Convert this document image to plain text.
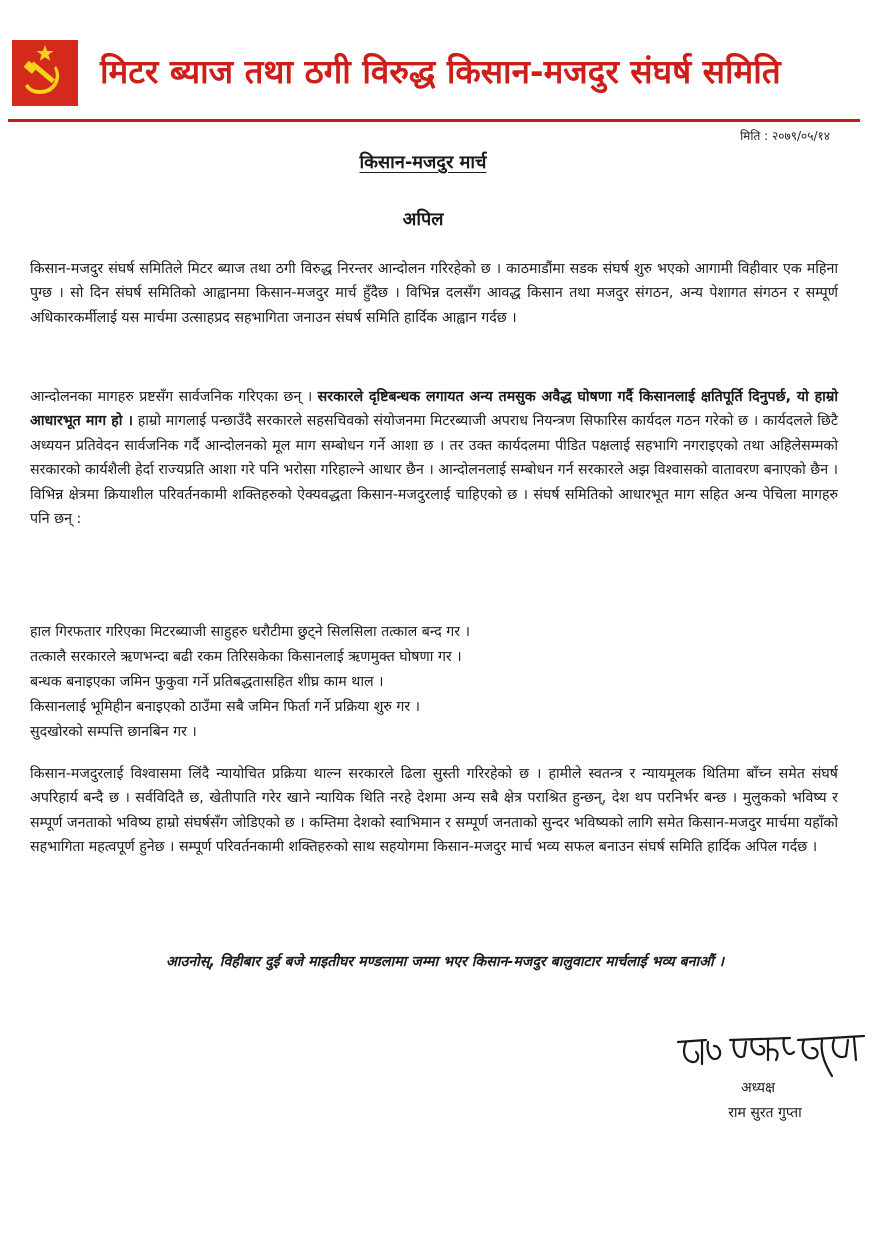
मिटर ब्याज तथा ठगी विरुद्ध किसान-मजदुर संघर्ष समिति
मिति : २०७९/०५/१४
किसान-मजदुर मार्च
अपिल

किसान-मजदुर संघर्ष समितिले मिटर ब्याज तथा ठगी विरुद्ध निरन्तर आन्दोलन गरिरहेको छ । काठमाडौंमा सडक संघर्ष शुरु भएको आगामी विहीवार एक महिना पुग्छ । सो दिन संघर्ष समितिको आह्वानमा किसान-मजदुर मार्च हुँदैछ । विभिन्न दलसँग आवद्ध किसान तथा मजदुर संगठन, अन्य पेशागत संगठन र सम्पूर्ण अधिकारकर्मीलाई यस मार्चमा उत्साहप्रद सहभागिता जनाउन संघर्ष समिति हार्दिक आह्वान गर्दछ ।

आन्दोलनका मागहरु प्रष्टसँग सार्वजनिक गरिएका छन् । सरकारले दृष्टिबन्धक लगायत अन्य तमसुक अवैद्ध घोषणा गर्दै किसानलाई क्षतिपूर्ति दिनुपर्छ, यो हाम्रो आधारभूत माग हो । हाम्रो मागलाई पन्छाउँदै सरकारले सहसचिवको संयोजनमा मिटरब्याजी अपराध नियन्त्रण सिफारिस कार्यदल गठन गरेको छ । कार्यदलले छिटै अध्ययन प्रतिवेदन सार्वजनिक गर्दै आन्दोलनको मूल माग सम्बोधन गर्ने आशा छ । तर उक्त कार्यदलमा पीडित पक्षलाई सहभागि नगराइएको तथा अहिलेसम्मको सरकारको कार्यशैली हेर्दा राज्यप्रति आशा गरे पनि भरोसा गरिहाल्ने आधार छैन । आन्दोलनलाई सम्बोधन गर्न सरकारले अझ विश्वासको वातावरण बनाएको छैन । विभिन्न क्षेत्रमा क्रियाशील परिवर्तनकामी शक्तिहरुको ऐक्यवद्धता किसान-मजदुरलाई चाहिएको छ । संघर्ष समितिको आधारभूत माग सहित अन्य पेचिला मागहरु पनि छन् :

हाल गिरफतार गरिएका मिटरब्याजी साहुहरु धरौटीमा छुट्ने सिलसिला तत्काल बन्द गर ।
तत्कालै सरकारले ऋणभन्दा बढी रकम तिरिसकेका किसानलाई ऋणमुक्त घोषणा गर ।
बन्धक बनाइएका जमिन फुकुवा गर्ने प्रतिबद्धतासहित शीघ्र काम थाल ।
किसानलाई भूमिहीन बनाइएको ठाउँमा सबै जमिन फिर्ता गर्ने प्रक्रिया शुरु गर ।
सुदखोरको सम्पत्ति छानबिन गर ।

किसान-मजदुरलाई विश्वासमा लिंदै न्यायोचित प्रक्रिया थाल्न सरकारले ढिला सुस्ती गरिरहेको छ । हामीले स्वतन्त्र र न्यायमूलक थितिमा बाँच्न समेत संघर्ष अपरिहार्य बन्दै छ । सर्वविदितै छ, खेतीपाति गरेर खाने न्यायिक थिति नरहे देशमा अन्य सबै क्षेत्र पराश्रित हुन्छन्, देश थप परनिर्भर बन्छ । मुलुकको भविष्य र सम्पूर्ण जनताको भविष्य हाम्रो संघर्षसँग जोडिएको छ । कम्तिमा देशको स्वाभिमान र सम्पूर्ण जनताको सुन्दर भविष्यको लागि समेत किसान-मजदुर मार्चमा यहाँको सहभागिता महत्वपूर्ण हुनेछ । सम्पूर्ण परिवर्तनकामी शक्तिहरुको साथ सहयोगमा किसान-मजदुर मार्च भव्य सफल बनाउन संघर्ष समिति हार्दिक अपिल गर्दछ ।

आउनोस्, विहीबार दुई बजे माइतीघर मण्डलामा जम्मा भएर किसान-मजदुर बालुवाटार मार्चलाई भव्य बनाऔं ।
अध्यक्ष
राम सुरत गुप्ता
